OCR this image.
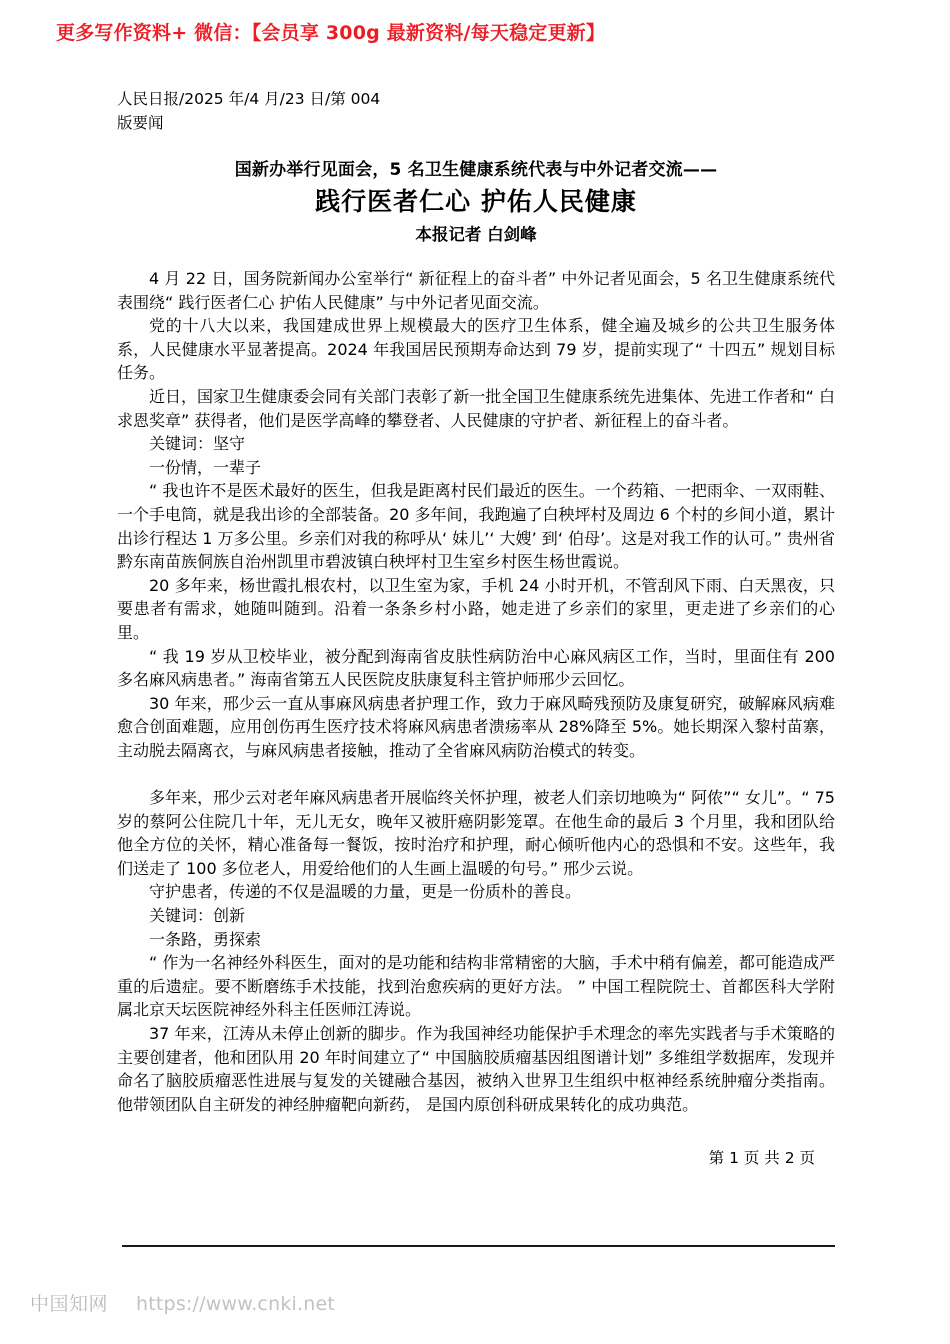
更多写作资料+ 微信：【会员享 300g 最新资料/每天稳定更新】
人民日报/2025 年/4 月/23 日/第 004
版要闻
国新办举行见面会，5 名卫生健康系统代表与中外记者交流——
践行医者仁心 护佑人民健康
本报记者 白剑峰

4 月 22 日，国务院新闻办公室举行“ 新征程上的奋斗者” 中外记者见面会，5 名卫生健康系统代表围绕“ 践行医者仁心 护佑人民健康” 与中外记者见面交流。

党的十八大以来，我国建成世界上规模最大的医疗卫生体系，健全遍及城乡的公共卫生服务体系，人民健康水平显著提高。2024 年我国居民预期寿命达到 79 岁，提前实现了“ 十四五” 规划目标任务。

近日，国家卫生健康委会同有关部门表彰了新一批全国卫生健康系统先进集体、先进工作者和“ 白求恩奖章” 获得者，他们是医学高峰的攀登者、人民健康的守护者、新征程上的奋斗者。

关键词：坚守

一份情，一辈子

“ 我也许不是医术最好的医生，但我是距离村民们最近的医生。一个药箱、一把雨伞、一双雨鞋、一个手电筒，就是我出诊的全部装备。20 多年间，我跑遍了白秧坪村及周边 6 个村的乡间小道，累计出诊行程达 1 万多公里。乡亲们对我的称呼从‘ 妹儿’‘ 大嫂’ 到‘ 伯母’。这是对我工作的认可。” 贵州省黔东南苗族侗族自治州凯里市碧波镇白秧坪村卫生室乡村医生杨世霞说。

20 多年来，杨世霞扎根农村，以卫生室为家，手机 24 小时开机，不管刮风下雨、白天黑夜，只要患者有需求，她随叫随到。沿着一条条乡村小路，她走进了乡亲们的家里，更走进了乡亲们的心里。

“ 我 19 岁从卫校毕业，被分配到海南省皮肤性病防治中心麻风病区工作，当时，里面住有 200 多名麻风病患者。” 海南省第五人民医院皮肤康复科主管护师邢少云回忆。

30 年来，邢少云一直从事麻风病患者护理工作，致力于麻风畸残预防及康复研究，破解麻风病难愈合创面难题，应用创伤再生医疗技术将麻风病患者溃疡率从 28%降至 5%。她长期深入黎村苗寨，主动脱去隔离衣，与麻风病患者接触，推动了全省麻风病防治模式的转变。

多年来，邢少云对老年麻风病患者开展临终关怀护理，被老人们亲切地唤为“ 阿侬”“ 女儿”。“ 75 岁的蔡阿公住院几十年，无儿无女，晚年又被肝癌阴影笼罩。在他生命的最后 3 个月里，我和团队给他全方位的关怀，精心准备每一餐饭，按时治疗和护理，耐心倾听他内心的恐惧和不安。这些年，我们送走了 100 多位老人，用爱给他们的人生画上温暖的句号。” 邢少云说。

守护患者，传递的不仅是温暖的力量，更是一份质朴的善良。

关键词：创新

一条路，勇探索

“ 作为一名神经外科医生，面对的是功能和结构非常精密的大脑，手术中稍有偏差，都可能造成严重的后遗症。要不断磨练手术技能，找到治愈疾病的更好方法。 ” 中国工程院院士、首都医科大学附属北京天坛医院神经外科主任医师江涛说。

37 年来，江涛从未停止创新的脚步。作为我国神经功能保护手术理念的率先实践者与手术策略的主要创建者，他和团队用 20 年时间建立了“ 中国脑胶质瘤基因组图谱计划” 多维组学数据库，发现并命名了脑胶质瘤恶性进展与复发的关键融合基因，被纳入世界卫生组织中枢神经系统肿瘤分类指南。 他带领团队自主研发的神经肿瘤靶向新药， 是国内原创科研成果转化的成功典范。

第 1 页 共 2 页
中国知网 https://www.cnki.net
